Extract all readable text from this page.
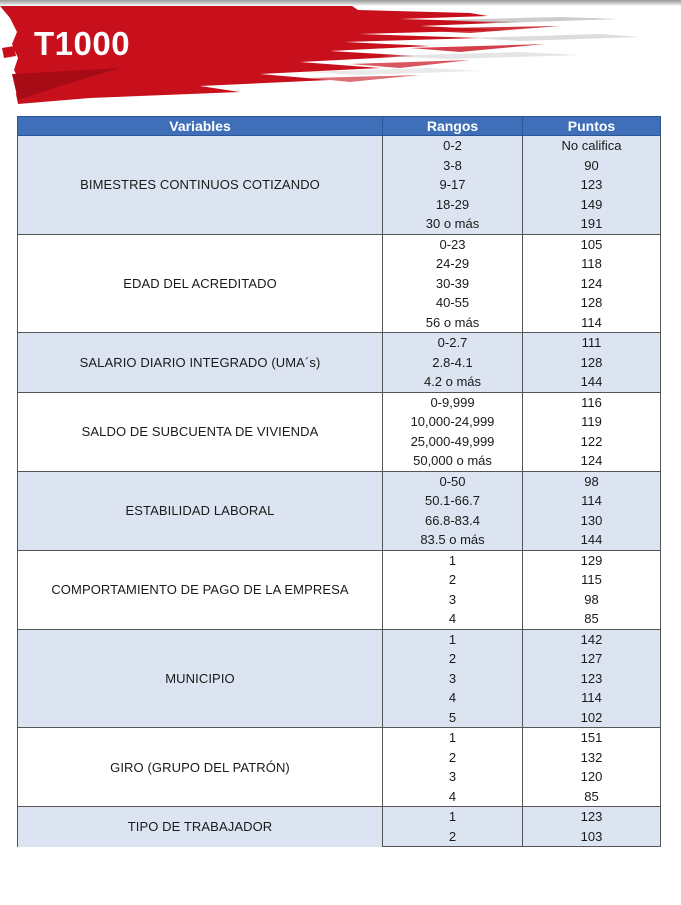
T1000
Variables	Rangos	Puntos
BIMESTRES CONTINUOS COTIZANDO	0-2	No califica
	3-8	90
	9-17	123
	18-29	149
	30 o más	191
EDAD DEL ACREDITADO	0-23	105
	24-29	118
	30-39	124
	40-55	128
	56 o más	114
SALARIO DIARIO INTEGRADO (UMA´s)	0-2.7	111
	2.8-4.1	128
	4.2 o más	144
SALDO DE SUBCUENTA DE VIVIENDA	0-9,999	116
	10,000-24,999	119
	25,000-49,999	122
	50,000 o más	124
ESTABILIDAD LABORAL	0-50	98
	50.1-66.7	114
	66.8-83.4	130
	83.5 o más	144
COMPORTAMIENTO DE PAGO DE LA EMPRESA	1	129
	2	115
	3	98
	4	85
MUNICIPIO	1	142
	2	127
	3	123
	4	114
	5	102
GIRO (GRUPO DEL PATRÓN)	1	151
	2	132
	3	120
	4	85
TIPO DE TRABAJADOR	1	123
	2	103
